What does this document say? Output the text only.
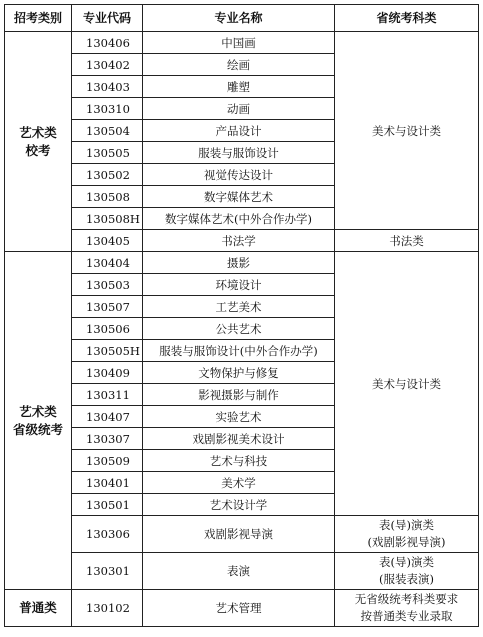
招考类别	专业代码	专业名称	省统考科类

艺术类
校考	130406	中国画	美术与设计类
	130402	绘画	
	130403	雕塑	
	130310	动画	
	130504	产品设计	
	130505	服装与服饰设计	
	130502	视觉传达设计	
	130508	数字媒体艺术	
	130508H	数字媒体艺术(中外合作办学)	
	130405	书法学	书法类

艺术类
省级统考	130404	摄影	美术与设计类
	130503	环境设计	
	130507	工艺美术	
	130506	公共艺术	
	130505H	服装与服饰设计(中外合作办学)	
	130409	文物保护与修复	
	130311	影视摄影与制作	
	130407	实验艺术	
	130307	戏剧影视美术设计	
	130509	艺术与科技	
	130401	美术学	
	130501	艺术设计学	
	130306	戏剧影视导演	表(导)演类
(戏剧影视导演)

	130301	表演	表(导)演类
(服装表演)

普通类	130102	艺术管理	无省级统考科类要求
按普通类专业录取
